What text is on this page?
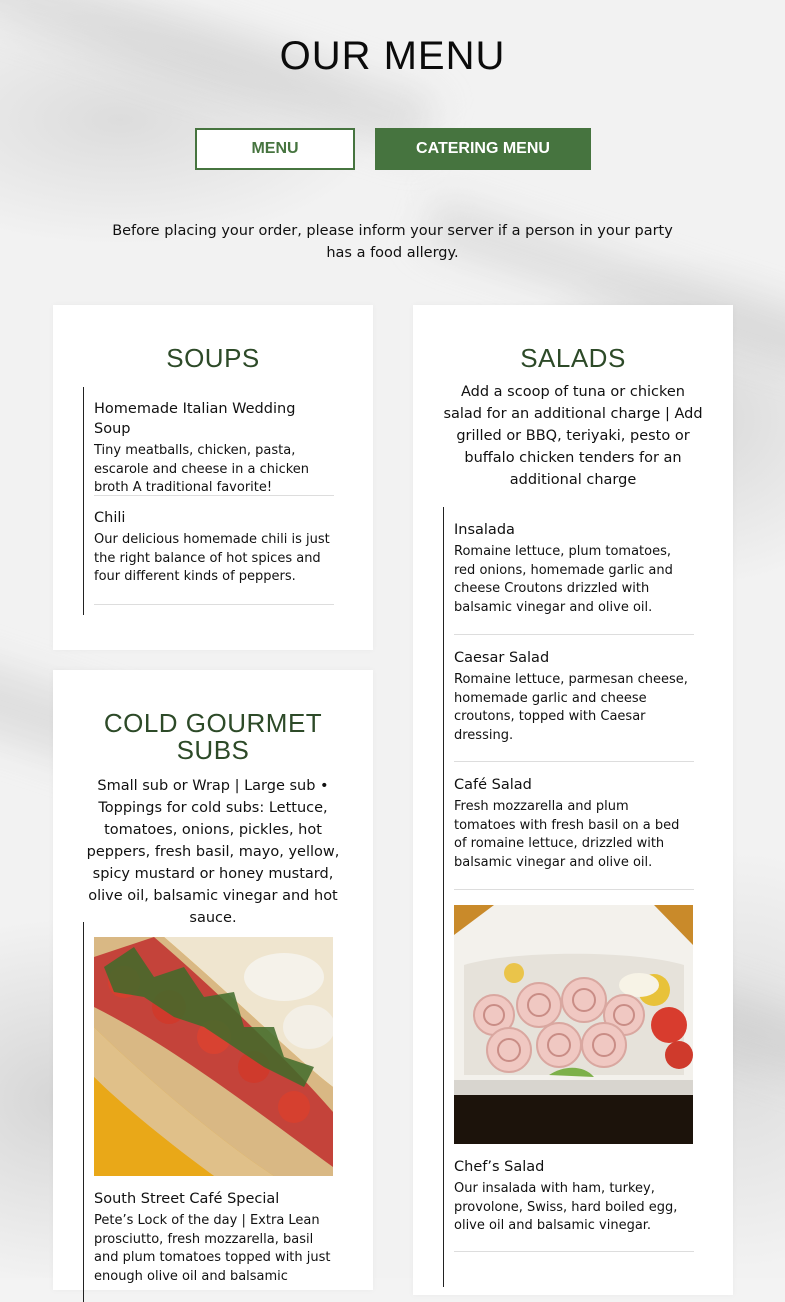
OUR MENU
MENU	CATERING MENU
Before placing your order, please inform your server if a person in your party has a food allergy.
SOUPS
Homemade Italian Wedding Soup
Tiny meatballs, chicken, pasta, escarole and cheese in a chicken broth A traditional favorite!
Chili
Our delicious homemade chili is just the right balance of hot spices and four different kinds of peppers.
COLD GOURMET SUBS
Small sub or Wrap | Large sub • Toppings for cold subs: Lettuce, tomatoes, onions, pickles, hot peppers, fresh basil, mayo, yellow, spicy mustard or honey mustard, olive oil, balsamic vinegar and hot sauce.
South Street Café Special
Pete’s Lock of the day | Extra Lean prosciutto, fresh mozzarella, basil and plum tomatoes topped with just enough olive oil and balsamic
SALADS
Add a scoop of tuna or chicken salad for an additional charge | Add grilled or BBQ, teriyaki, pesto or buffalo chicken tenders for an additional charge
Insalada
Romaine lettuce, plum tomatoes, red onions, homemade garlic and cheese Croutons drizzled with balsamic vinegar and olive oil.
Caesar Salad
Romaine lettuce, parmesan cheese, homemade garlic and cheese croutons, topped with Caesar dressing.
Café Salad
Fresh mozzarella and plum tomatoes with fresh basil on a bed of romaine lettuce, drizzled with balsamic vinegar and olive oil.
Chef’s Salad
Our insalada with ham, turkey, provolone, Swiss, hard boiled egg, olive oil and balsamic vinegar.
